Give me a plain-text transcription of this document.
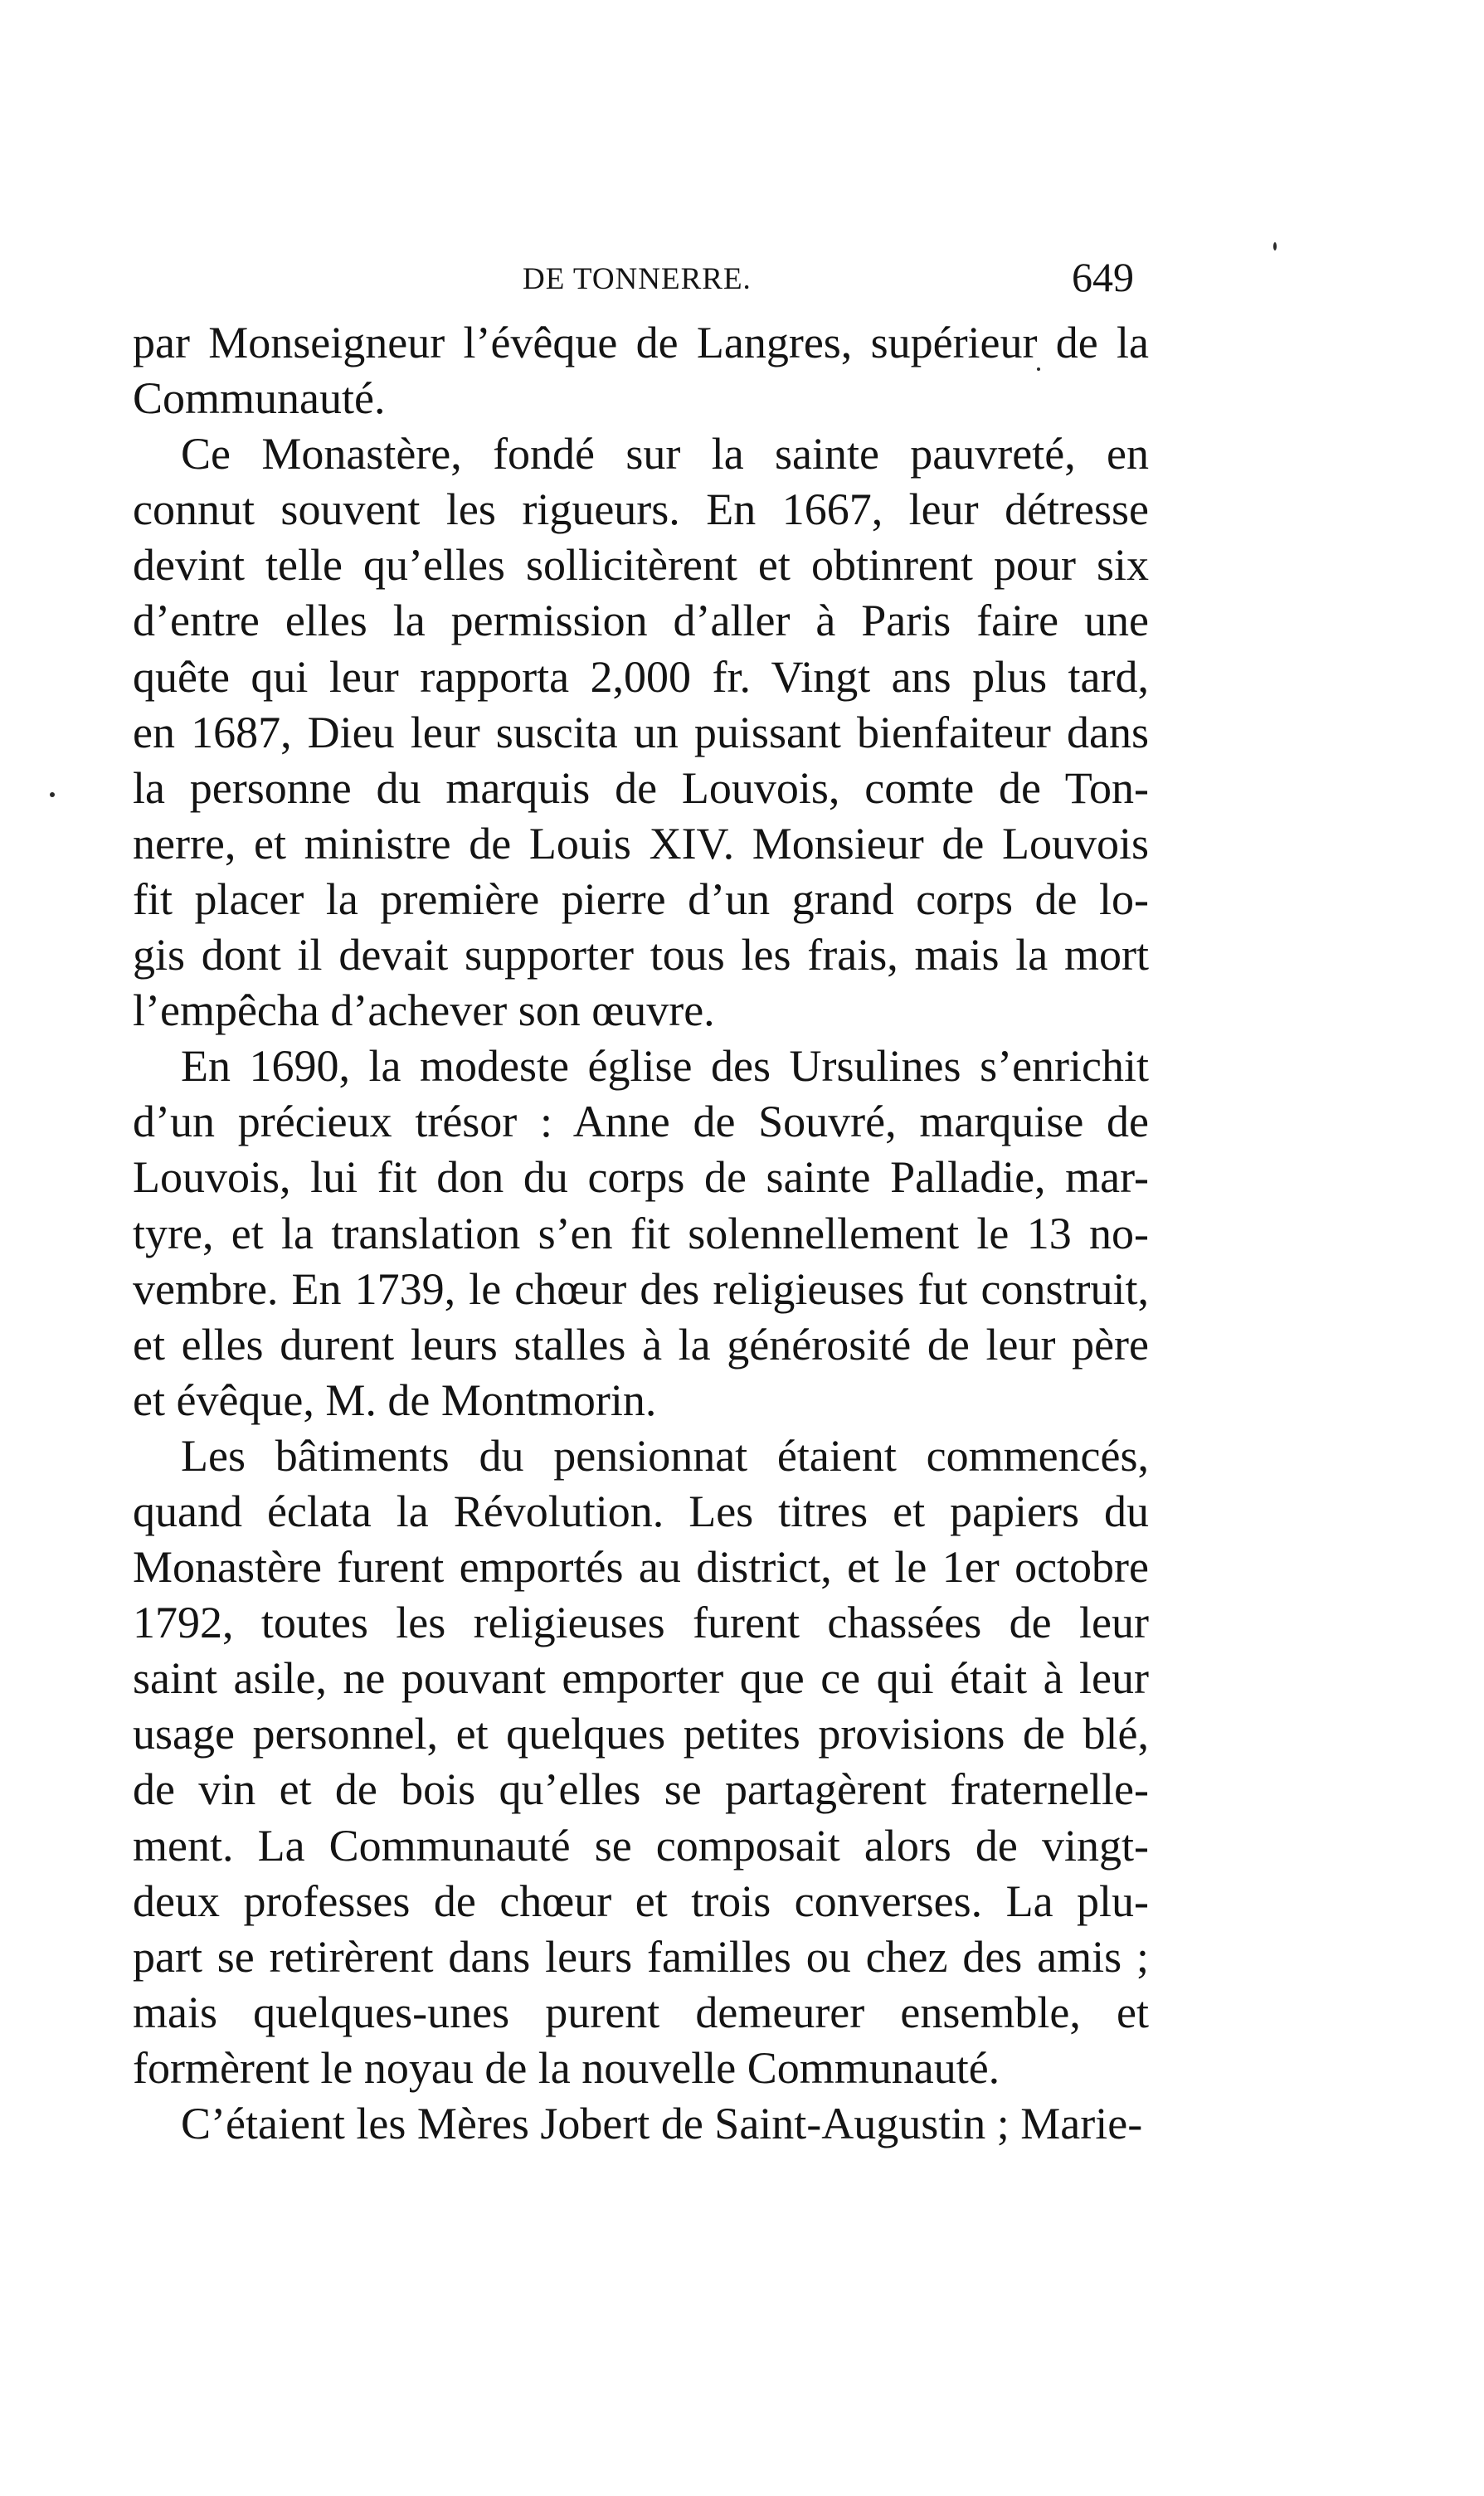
DE TONNERRE.	649

par Monseigneur l’évêque de Langres, supérieur de la

Communauté.

Ce Monastère, fondé sur la sainte pauvreté, en

connut souvent les rigueurs. En 1667, leur détresse

devint telle qu’elles sollicitèrent et obtinrent pour six

d’entre elles la permission d’aller à Paris faire une

quête qui leur rapporta 2,000 fr. Vingt ans plus tard,

en 1687, Dieu leur suscita un puissant bienfaiteur dans

la personne du marquis de Louvois, comte de Ton-

nerre, et ministre de Louis XIV. Monsieur de Louvois

fit placer la première pierre d’un grand corps de lo-

gis dont il devait supporter tous les frais, mais la mort

l’empêcha d’achever son œuvre.

En 1690, la modeste église des Ursulines s’enrichit

d’un précieux trésor : Anne de Souvré, marquise de

Louvois, lui fit don du corps de sainte Palladie, mar-

tyre, et la translation s’en fit solennellement le 13 no-

vembre. En 1739, le chœur des religieuses fut construit,

et elles durent leurs stalles à la générosité de leur père

et évêque, M. de Montmorin.

Les bâtiments du pensionnat étaient commencés,

quand éclata la Révolution. Les titres et papiers du

Monastère furent emportés au district, et le 1er octobre

1792, toutes les religieuses furent chassées de leur

saint asile, ne pouvant emporter que ce qui était à leur

usage personnel, et quelques petites provisions de blé,

de vin et de bois qu’elles se partagèrent fraternelle-

ment. La Communauté se composait alors de vingt-

deux professes de chœur et trois converses. La plu-

part se retirèrent dans leurs familles ou chez des amis ;

mais quelques-unes purent demeurer ensemble, et

formèrent le noyau de la nouvelle Communauté.

C’étaient les Mères Jobert de Saint-Augustin ; Marie-
